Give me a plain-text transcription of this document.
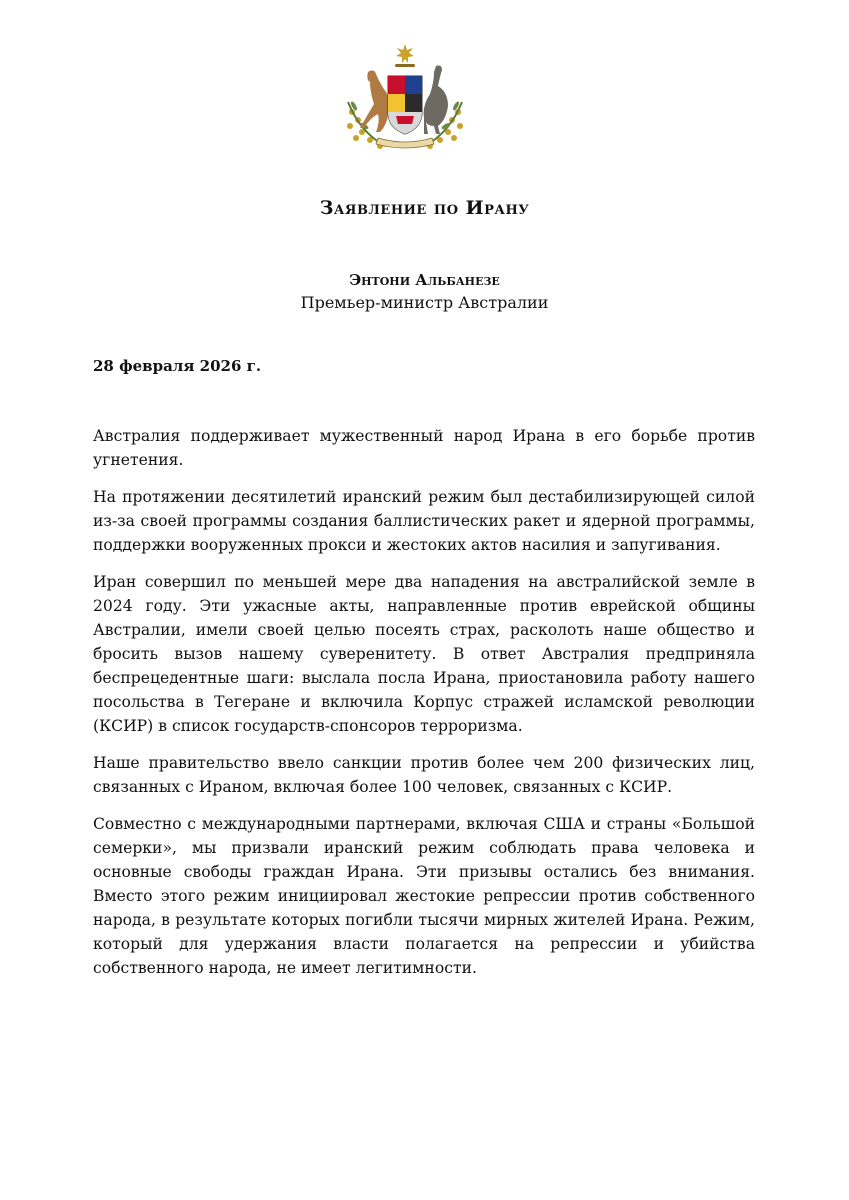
Заявление по Ирану

Энтони Альбанезе

Премьер-министр Австралии

28 февраля 2026 г.

Австралия поддерживает мужественный народ Ирана в его борьбе против угнетения.

На протяжении десятилетий иранский режим был дестабилизирующей силой из-за своей программы создания баллистических ракет и ядерной программы, поддержки вооруженных прокси и жестоких актов насилия и запугивания.

Иран совершил по меньшей мере два нападения на австралийской земле в 2024 году. Эти ужасные акты, направленные против еврейской общины Австралии, имели своей целью посеять страх, расколоть наше общество и бросить вызов нашему суверенитету. В ответ Австралия предприняла беспрецедентные шаги: выслала посла Ирана, приостановила работу нашего посольства в Тегеране и включила Корпус стражей исламской революции (КСИР) в список государств-спонсоров терроризма.

Наше правительство ввело санкции против более чем 200 физических лиц, связанных с Ираном, включая более 100 человек, связанных с КСИР.

Совместно с международными партнерами, включая США и страны «Большой семерки», мы призвали иранский режим соблюдать права человека и основные свободы граждан Ирана. Эти призывы остались без внимания. Вместо этого режим инициировал жестокие репрессии против собственного народа, в результате которых погибли тысячи мирных жителей Ирана. Режим, который для удержания власти полагается на репрессии и убийства собственного народа, не имеет легитимности.
